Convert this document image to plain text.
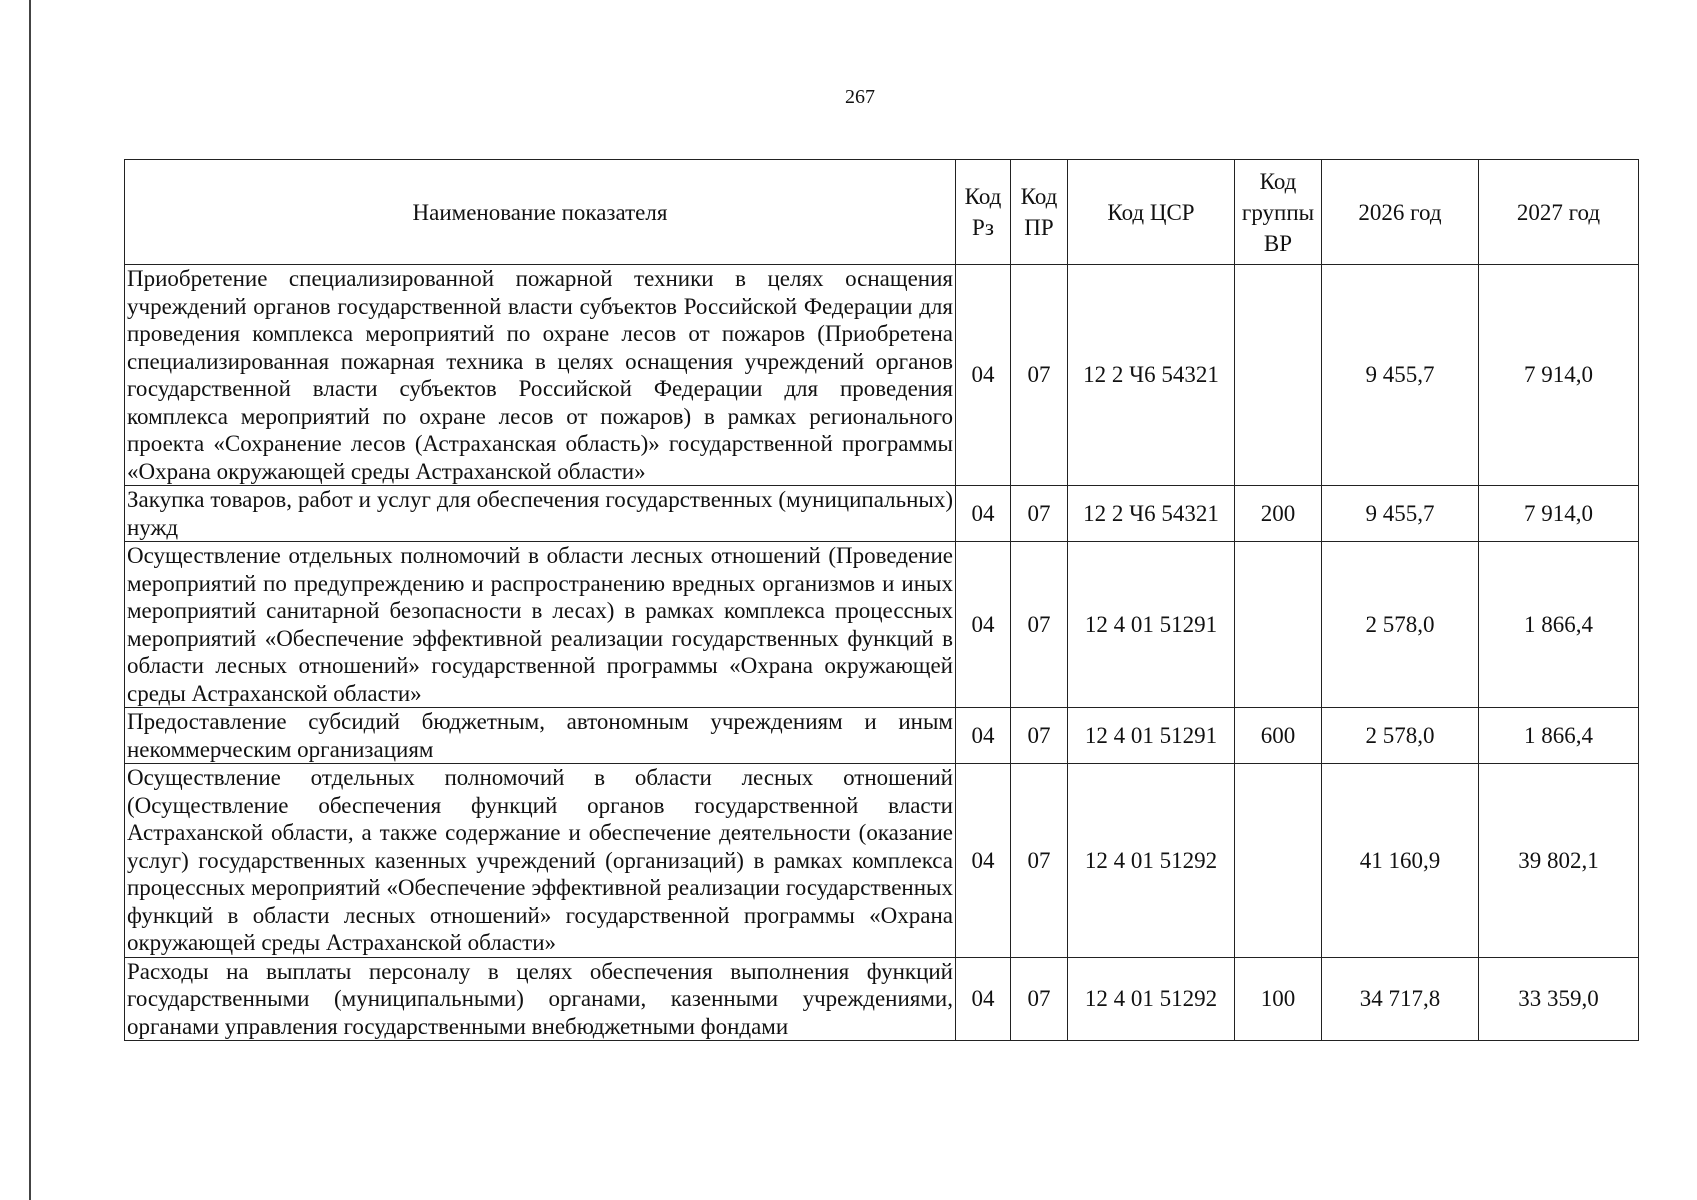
267
Наименование показателя	Код Рз	Код ПР	Код ЦСР	Код группы ВР	2026 год	2027 год
Приобретение специализированной пожарной техники в целях оснащения учреждений органов государственной власти субъектов Российской Федерации для проведения комплекса мероприятий по охране лесов от пожаров (Приобретена специализированная пожарная техника в целях оснащения учреждений органов государственной власти субъектов Российской Федерации для проведения комплекса мероприятий по охране лесов от пожаров) в рамках регионального проекта «Сохранение лесов (Астраханская область)» государственной программы «Охрана окружающей среды Астраханской области»	04	07	12 2 Ч6 54321		9 455,7	7 914,0
Закупка товаров, работ и услуг для обеспечения государственных (муниципальных) нужд	04	07	12 2 Ч6 54321	200	9 455,7	7 914,0
Осуществление отдельных полномочий в области лесных отношений (Проведение мероприятий по предупреждению и распространению вредных организмов и иных мероприятий санитарной безопасности в лесах) в рамках комплекса процессных мероприятий «Обеспечение эффективной реализации государственных функций в области лесных отношений» государственной программы «Охрана окружающей среды Астраханской области»	04	07	12 4 01 51291		2 578,0	1 866,4
Предоставление субсидий бюджетным, автономным учреждениям и иным некоммерческим организациям	04	07	12 4 01 51291	600	2 578,0	1 866,4
Осуществление отдельных полномочий в области лесных отношений (Осуществление обеспечения функций органов государственной власти Астраханской области, а также содержание и обеспечение деятельности (оказание услуг) государственных казенных учреждений (организаций) в рамках комплекса процессных мероприятий «Обеспечение эффективной реализации государственных функций в области лесных отношений» государственной программы «Охрана окружающей среды Астраханской области»	04	07	12 4 01 51292		41 160,9	39 802,1
Расходы на выплаты персоналу в целях обеспечения выполнения функций государственными (муниципальными) органами, казенными учреждениями, органами управления государственными внебюджетными фондами	04	07	12 4 01 51292	100	34 717,8	33 359,0
